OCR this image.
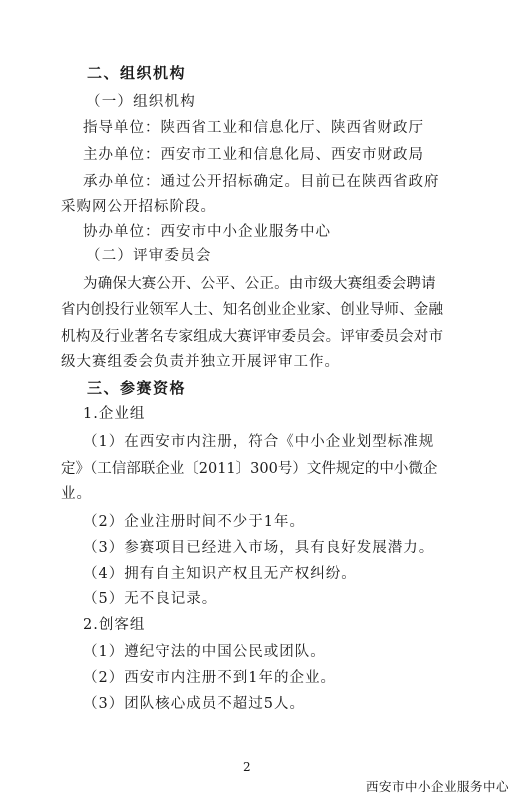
二、组织机构
（一）组织机构
指导单位：陕西省工业和信息化厅、陕西省财政厅
主办单位：西安市工业和信息化局、西安市财政局
承办单位：通过公开招标确定。目前已在陕西省政府
采购网公开招标阶段。
协办单位：西安市中小企业服务中心
（二）评审委员会
为确保大赛公开、公平、公正。由市级大赛组委会聘请
省内创投行业领军人士、知名创业企业家、创业导师、金融
机构及行业著名专家组成大赛评审委员会。评审委员会对市
级大赛组委会负责并独立开展评审工作。
三、参赛资格
1.企业组
（1）在西安市内注册，符合《中小企业划型标准规
定》（工信部联企业〔2011〕300号）文件规定的中小微企
业。
（2）企业注册时间不少于1年。
（3）参赛项目已经进入市场，具有良好发展潜力。
（4）拥有自主知识产权且无产权纠纷。
（5）无不良记录。
2.创客组
（1）遵纪守法的中国公民或团队。
（2）西安市内注册不到1年的企业。
（3）团队核心成员不超过5人。
2
西安市中小企业服务中心
